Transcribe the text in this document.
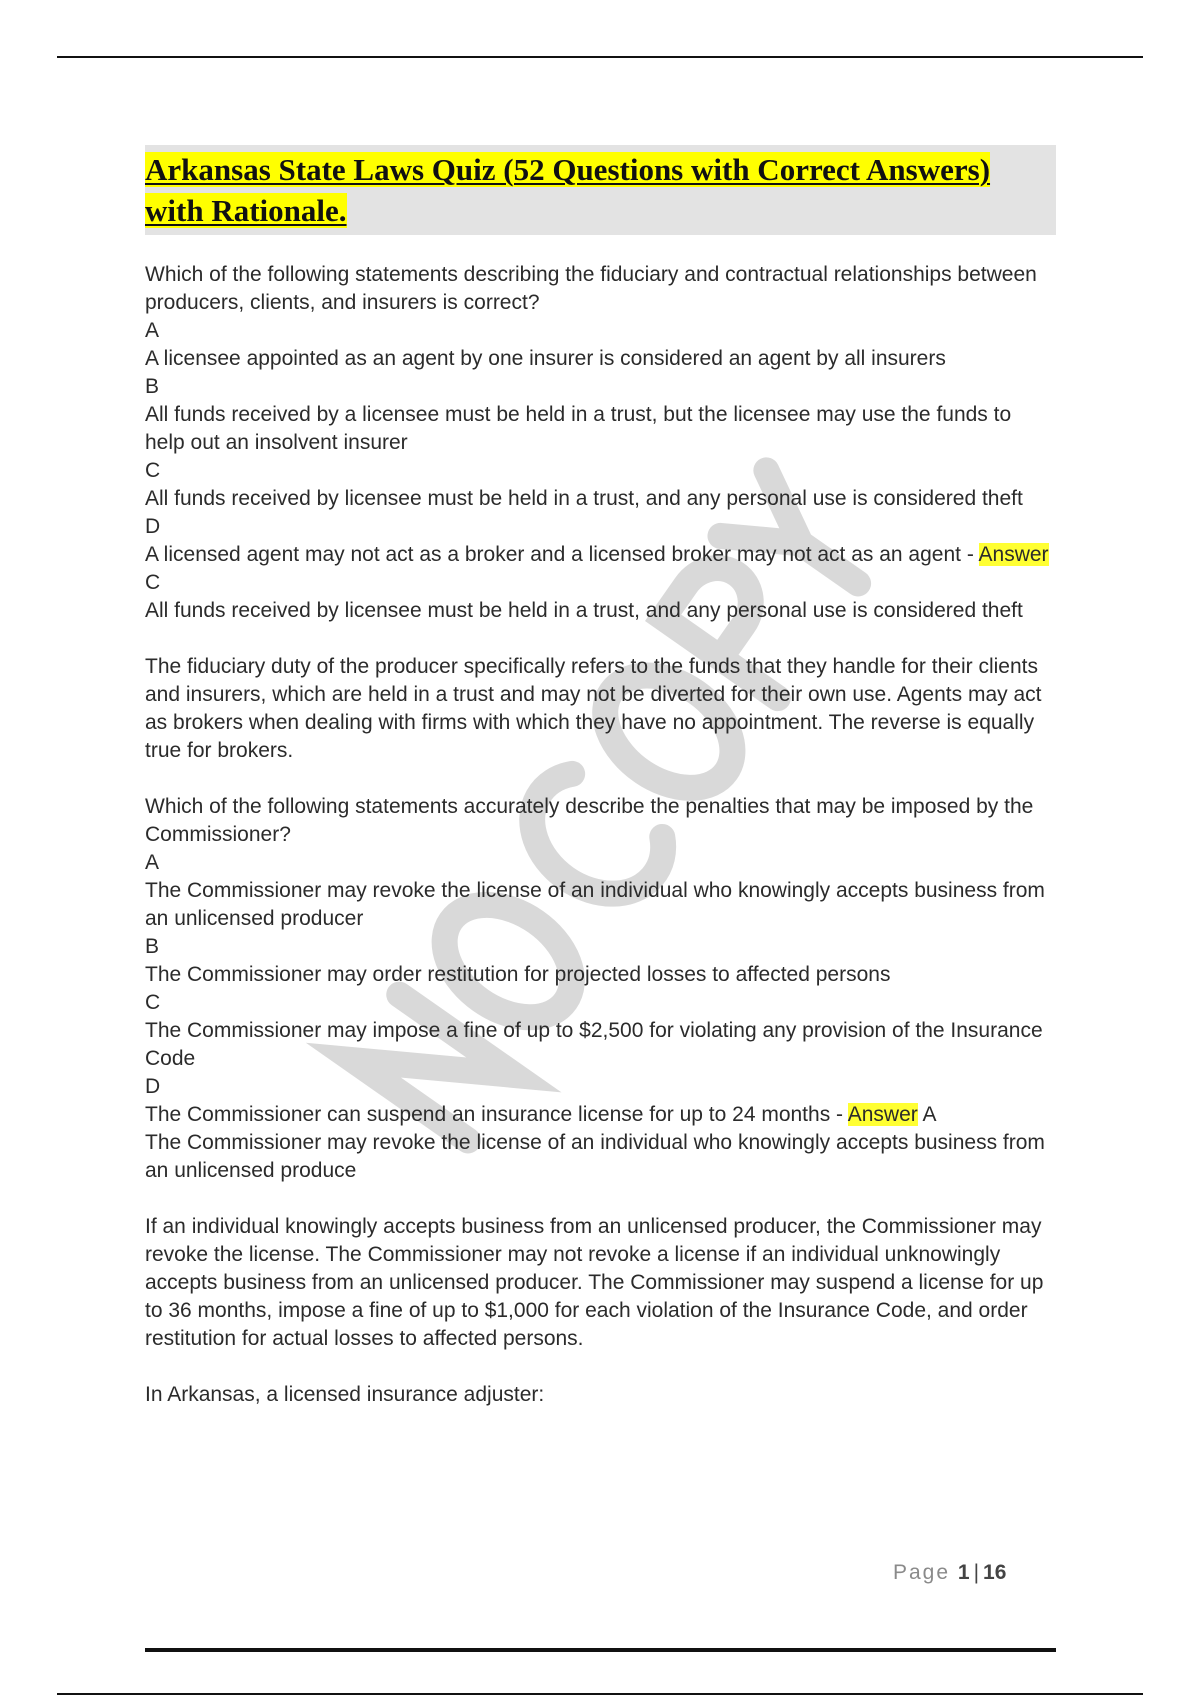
Arkansas State Laws Quiz (52 Questions with Correct Answers) with Rationale.
Which of the following statements describing the fiduciary and contractual relationships between producers, clients, and insurers is correct?
A
A licensee appointed as an agent by one insurer is considered an agent by all insurers
B
All funds received by a licensee must be held in a trust, but the licensee may use the funds to help out an insolvent insurer
C
All funds received by licensee must be held in a trust, and any personal use is considered theft
D
A licensed agent may not act as a broker and a licensed broker may not act as an agent - Answer C
All funds received by licensee must be held in a trust, and any personal use is considered theft

The fiduciary duty of the producer specifically refers to the funds that they handle for their clients and insurers, which are held in a trust and may not be diverted for their own use. Agents may act as brokers when dealing with firms with which they have no appointment. The reverse is equally true for brokers.

Which of the following statements accurately describe the penalties that may be imposed by the Commissioner?
A
The Commissioner may revoke the license of an individual who knowingly accepts business from an unlicensed producer
B
The Commissioner may order restitution for projected losses to affected persons
C
The Commissioner may impose a fine of up to $2,500 for violating any provision of the Insurance Code
D
The Commissioner can suspend an insurance license for up to 24 months - Answer A
The Commissioner may revoke the license of an individual who knowingly accepts business from an unlicensed produce

If an individual knowingly accepts business from an unlicensed producer, the Commissioner may revoke the license. The Commissioner may not revoke a license if an individual unknowingly accepts business from an unlicensed producer. The Commissioner may suspend a license for up to 36 months, impose a fine of up to $1,000 for each violation of the Insurance Code, and order restitution for actual losses to affected persons.

In Arkansas, a licensed insurance adjuster:

Page 1 | 16
